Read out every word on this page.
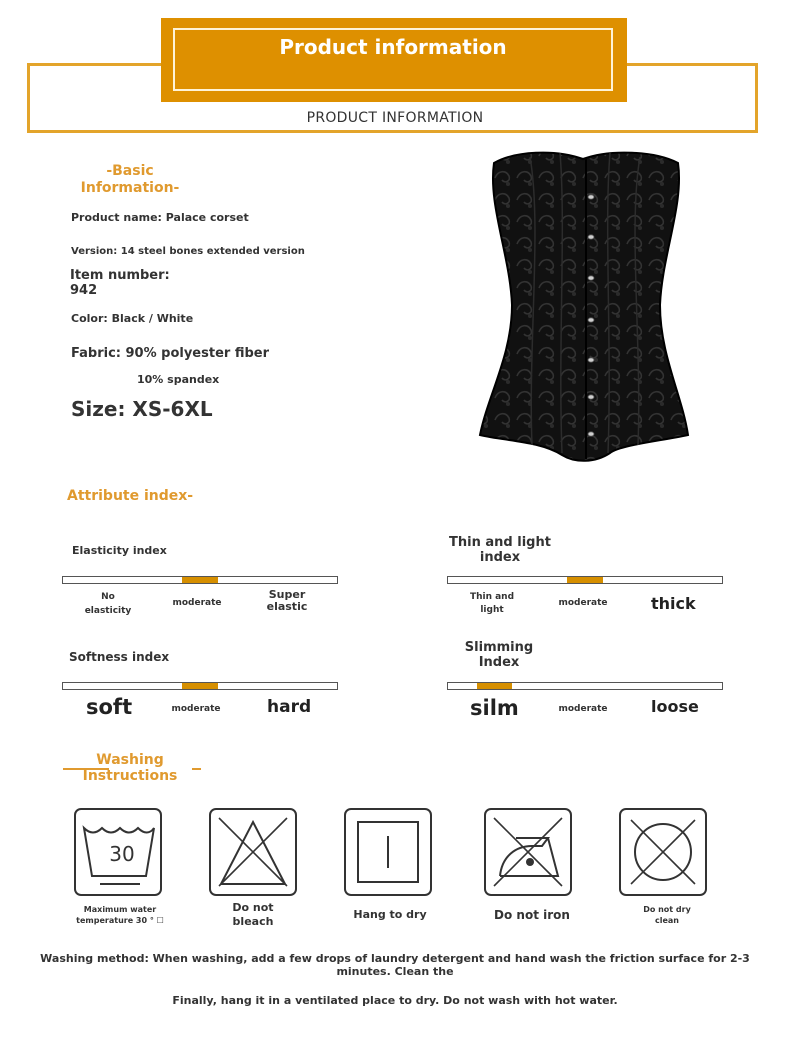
Product information
PRODUCT INFORMATION
-Basic Information-
Product name: Palace corset
Version: 14 steel bones extended version
Item number:
942
Color: Black / White
Fabric: 90% polyester fiber
10% spandex
Size: XS-6XL
Attribute index-
Elasticity index
No elasticity
moderate
Super elastic
Thin and light index
Thin and light
moderate	thick
Softness index
soft	moderate	hard
Slimming Index
silm	moderate	loose
Washing Instructions
30
Maximum water temperature 30 ° ☐
Do not bleach
Hang to dry	Do not iron	Do not dry clean
Washing method: When washing, add a few drops of laundry detergent and hand wash the friction surface for 2-3 minutes. Clean the
Finally, hang it in a ventilated place to dry. Do not wash with hot water.
